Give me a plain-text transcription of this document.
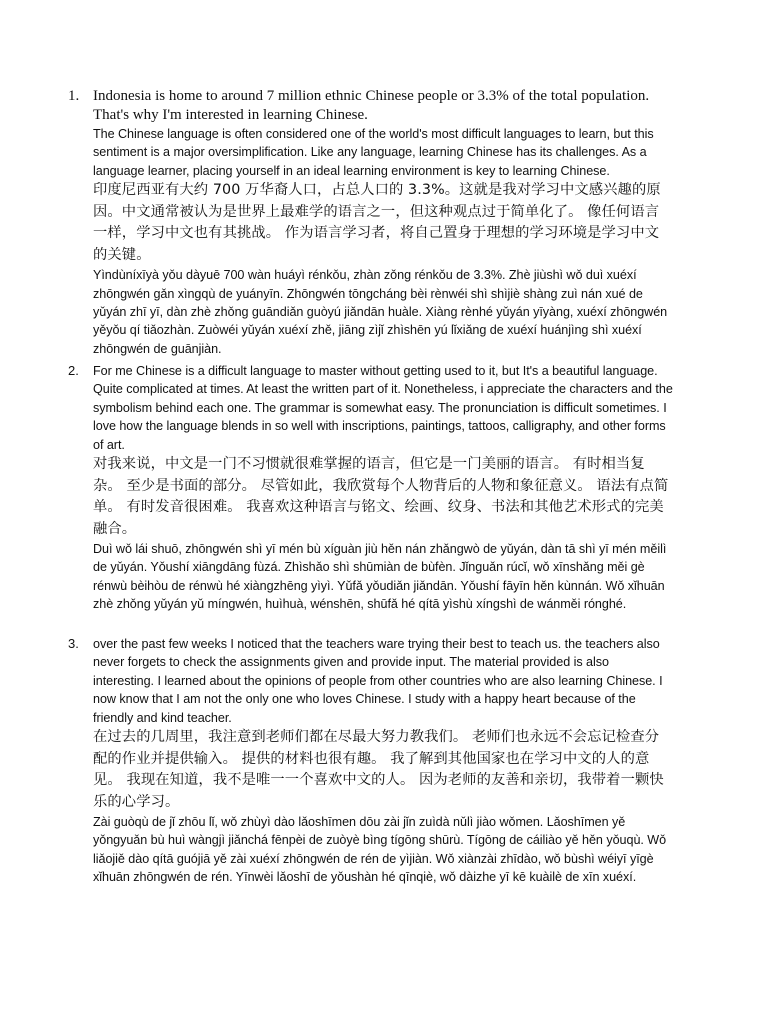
1. Indonesia is home to around 7 million ethnic Chinese people or 3.3% of the total population. That's why I'm interested in learning Chinese.

The Chinese language is often considered one of the world's most difficult languages to learn, but this sentiment is a major oversimplification. Like any language, learning Chinese has its challenges. As a language learner, placing yourself in an ideal learning environment is key to learning Chinese.

印度尼西亚有大约 700 万华裔人口，占总人口的 3.3%。这就是我对学习中文感兴趣的原因。中文通常被认为是世界上最难学的语言之一，但这种观点过于简单化了。 像任何语言一样，学习中文也有其挑战。 作为语言学习者，将自己置身于理想的学习环境是学习中文的关键。

Yìndùníxīyà yǒu dàyuē 700 wàn huáyì rénkǒu, zhàn zǒng rénkǒu de 3.3%. Zhè jiùshì wǒ duì xuéxí zhōngwén gǎn xìngqù de yuányīn. Zhōngwén tōngcháng bèi rènwéi shì shìjiè shàng zuì nán xué de yǔyán zhī yī, dàn zhè zhǒng guāndiǎn guòyú jiǎndān huàle. Xiàng rènhé yǔyán yīyàng, xuéxí zhōngwén yěyǒu qí tiǎozhàn. Zuòwéi yǔyán xuéxí zhě, jiāng zìjǐ zhìshēn yú lǐxiǎng de xuéxí huánjìng shì xuéxí zhōngwén de guānjiàn.

2. For me Chinese is a difficult language to master without getting used to it, but It's a beautiful language. Quite complicated at times. At least the written part of it. Nonetheless, i appreciate the characters and the symbolism behind each one. The grammar is somewhat easy. The pronunciation is difficult sometimes. I love how the language blends in so well with inscriptions, paintings, tattoos, calligraphy, and other forms of art.

对我来说，中文是一门不习惯就很难掌握的语言，但它是一门美丽的语言。 有时相当复杂。 至少是书面的部分。 尽管如此，我欣赏每个人物背后的人物和象征意义。 语法有点简单。 有时发音很困难。 我喜欢这种语言与铭文、绘画、纹身、书法和其他艺术形式的完美融合。

Duì wǒ lái shuō, zhōngwén shì yī mén bù xíguàn jiù hěn nán zhǎngwò de yǔyán, dàn tā shì yī mén měilì de yǔyán. Yǒushí xiāngdāng fùzá. Zhìshǎo shì shūmiàn de bùfèn. Jǐnguǎn rúcǐ, wǒ xīnshǎng měi gè rénwù bèihòu de rénwù hé xiàngzhēng yìyì. Yǔfǎ yǒudiǎn jiǎndān. Yǒushí fāyīn hěn kùnnán. Wǒ xǐhuān zhè zhǒng yǔyán yǔ míngwén, huìhuà, wénshēn, shūfǎ hé qítā yìshù xíngshì de wánměi rónghé.

3. over the past few weeks I noticed that the teachers ware trying their best to teach us. the teachers also never forgets to check the assignments given and provide input. The material provided is also interesting. I learned about the opinions of people from other countries who are also learning Chinese. I now know that I am not the only one who loves Chinese. I study with a happy heart because of the friendly and kind teacher.

在过去的几周里，我注意到老师们都在尽最大努力教我们。 老师们也永远不会忘记检查分配的作业并提供输入。 提供的材料也很有趣。 我了解到其他国家也在学习中文的人的意见。 我现在知道，我不是唯一一个喜欢中文的人。 因为老师的友善和亲切，我带着一颗快乐的心学习。

Zài guòqù de jǐ zhōu lǐ, wǒ zhùyì dào lǎoshīmen dōu zài jǐn zuìdà nǔlì jiào wǒmen. Lǎoshīmen yě yǒngyuǎn bù huì wàngjì jiǎnchá fēnpèi de zuòyè bìng tígōng shūrù. Tígōng de cáiliào yě hěn yǒuqù. Wǒ liǎojiě dào qítā guójiā yě zài xuéxí zhōngwén de rén de yìjiàn. Wǒ xiànzài zhīdào, wǒ bùshì wéiyī yīgè xǐhuān zhōngwén de rén. Yīnwèi lǎoshī de yǒushàn hé qīnqiè, wǒ dàizhe yī kē kuàilè de xīn xuéxí.
